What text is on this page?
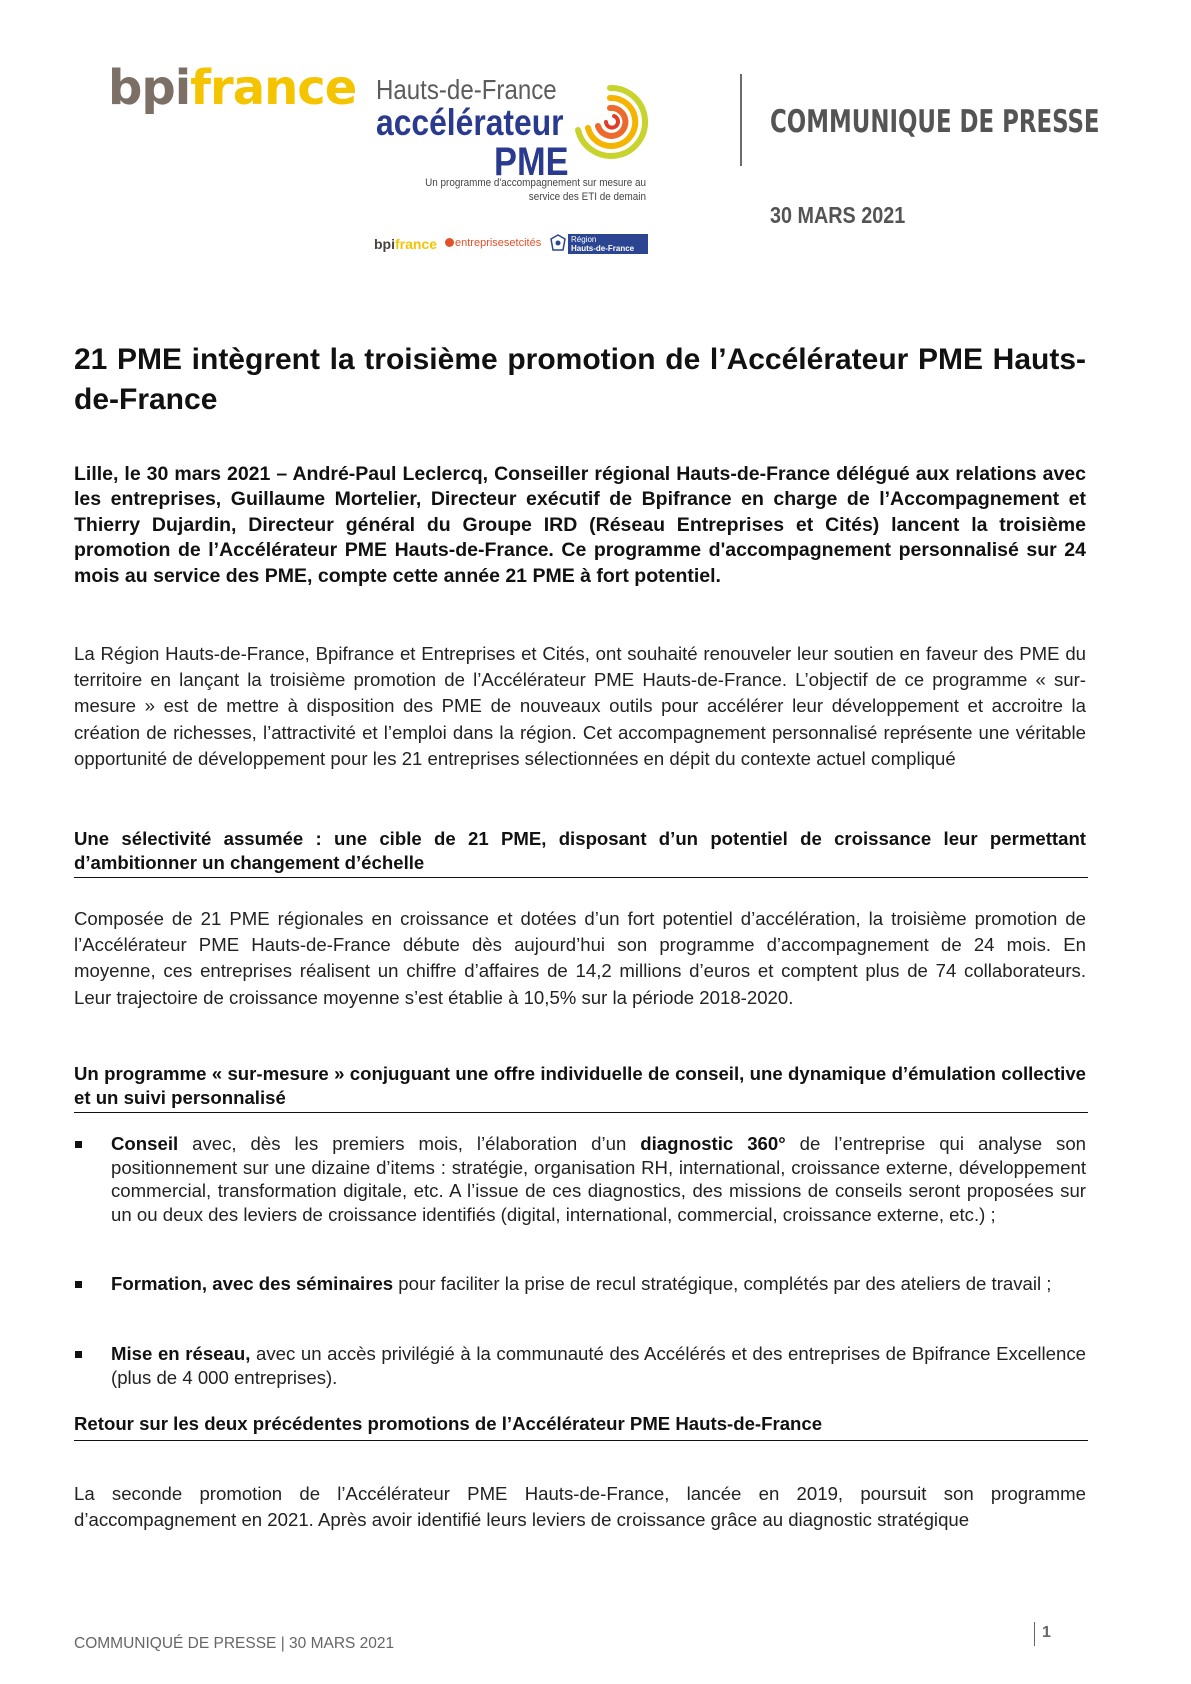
bpifrance Hauts-de-France
accélérateur
PME
Un programme d'accompagnement sur mesure au service des ETI de demain
bpifrance	entreprisesetcités	Région
Hauts-de-France
COMMUNIQUE DE PRESSE
30 MARS 2021
21 PME intègrent la troisième promotion de l’Accélérateur PME Hauts-de-France
Lille, le 30 mars 2021 – André-Paul Leclercq, Conseiller régional Hauts-de-France délégué aux relations avec les entreprises, Guillaume Mortelier, Directeur exécutif de Bpifrance en charge de l’Accompagnement et Thierry Dujardin, Directeur général du Groupe IRD (Réseau Entreprises et Cités) lancent la troisième promotion de l’Accélérateur PME Hauts-de-France. Ce programme d'accompagnement personnalisé sur 24 mois au service des PME, compte cette année 21 PME à fort potentiel.
La Région Hauts-de-France, Bpifrance et Entreprises et Cités, ont souhaité renouveler leur soutien en faveur des PME du territoire en lançant la troisième promotion de l’Accélérateur PME Hauts-de-France. L’objectif de ce programme « sur-mesure » est de mettre à disposition des PME de nouveaux outils pour accélérer leur développement et accroitre la création de richesses, l’attractivité et l’emploi dans la région. Cet accompagnement personnalisé représente une véritable opportunité de développement pour les 21 entreprises sélectionnées en dépit du contexte actuel compliqué
Une sélectivité assumée : une cible de 21 PME, disposant d’un potentiel de croissance leur permettant d’ambitionner un changement d’échelle
Composée de 21 PME régionales en croissance et dotées d’un fort potentiel d’accélération, la troisième promotion de l’Accélérateur PME Hauts-de-France débute dès aujourd’hui son programme d’accompagnement de 24 mois. En moyenne, ces entreprises réalisent un chiffre d’affaires de 14,2 millions d’euros et comptent plus de 74 collaborateurs. Leur trajectoire de croissance moyenne s’est établie à 10,5% sur la période 2018-2020.
Un programme « sur-mesure » conjuguant une offre individuelle de conseil, une dynamique d’émulation collective et un suivi personnalisé
Conseil avec, dès les premiers mois, l’élaboration d’un diagnostic 360° de l’entreprise qui analyse son positionnement sur une dizaine d’items : stratégie, organisation RH, international, croissance externe, développement commercial, transformation digitale, etc. A l’issue de ces diagnostics, des missions de conseils seront proposées sur un ou deux des leviers de croissance identifiés (digital, international, commercial, croissance externe, etc.) ;
Formation, avec des séminaires pour faciliter la prise de recul stratégique, complétés par des ateliers de travail ;
Mise en réseau, avec un accès privilégié à la communauté des Accélérés et des entreprises de Bpifrance Excellence (plus de 4 000 entreprises).
Retour sur les deux précédentes promotions de l’Accélérateur PME Hauts-de-France
La seconde promotion de l’Accélérateur PME Hauts-de-France, lancée en 2019, poursuit son programme d’accompagnement en 2021. Après avoir identifié leurs leviers de croissance grâce au diagnostic stratégique
COMMUNIQUÉ DE PRESSE | 30 MARS 2021
1
